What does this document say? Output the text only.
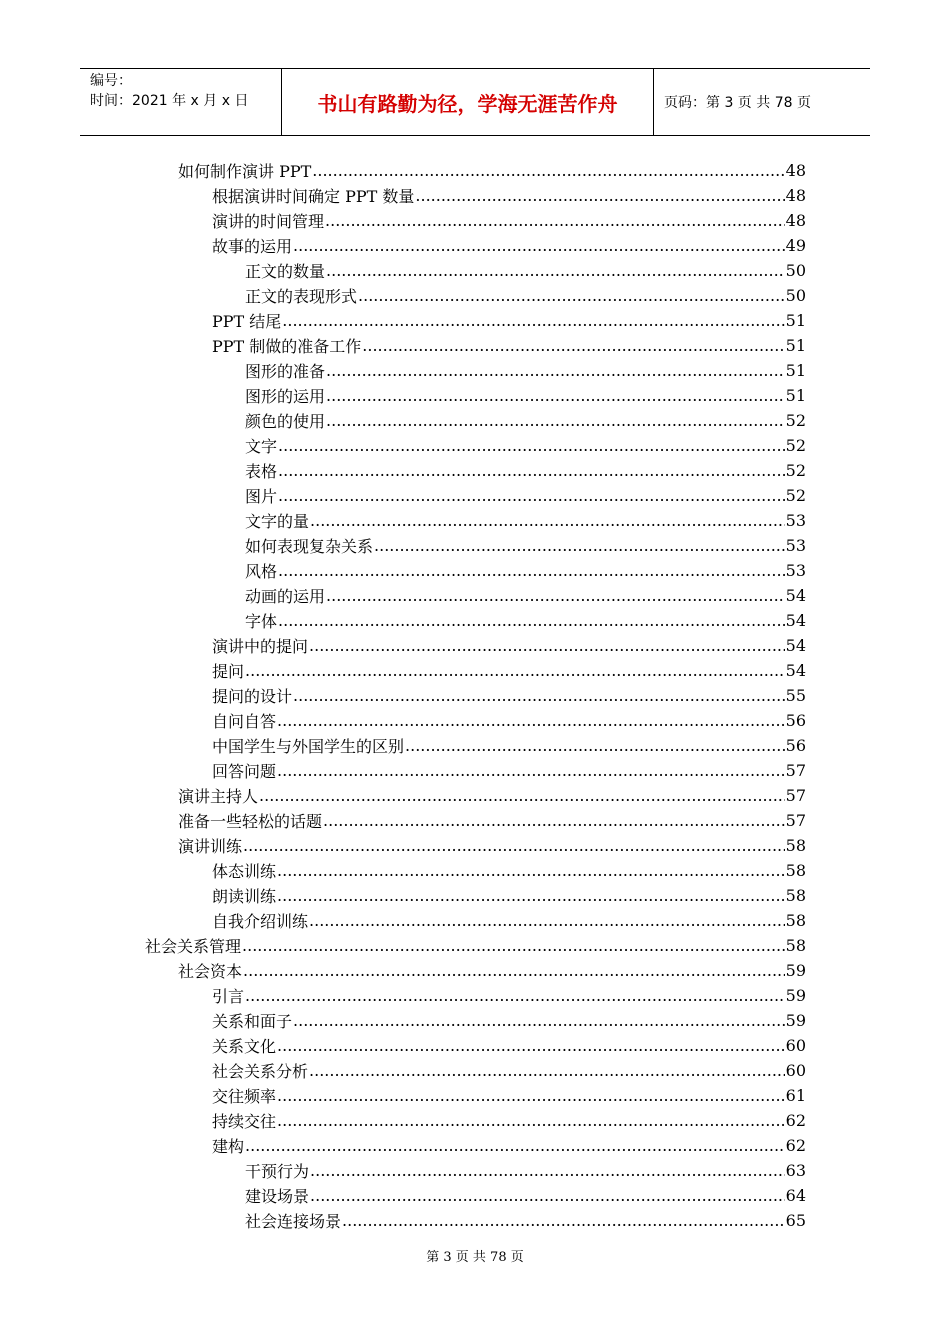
编号：
时间：2021 年 x 月 x 日	书山有路勤为径，学海无涯苦作舟	页码：第 3 页 共 78 页
如何制作演讲 PPT .....	48
根据演讲时间确定 PPT 数量 .....	48
演讲的时间管理 .....	48
故事的运用 .....	49
正文的数量 .....	50
正文的表现形式 .....	50
PPT 结尾 .....	51
PPT 制做的准备工作 .....	51
图形的准备 .....	51
图形的运用 .....	51
颜色的使用 .....	52
文字 .....	52
表格 .....	52
图片 .....	52
文字的量 .....	53
如何表现复杂关系 .....	53
风格 .....	53
动画的运用 .....	54
字体 .....	54
演讲中的提问 .....	54
提问 .....	54
提问的设计 .....	55
自问自答 .....	56
中国学生与外国学生的区别 .....	56
回答问题 .....	57
演讲主持人 .....	57
准备一些轻松的话题 .....	57
演讲训练 .....	58
体态训练 .....	58
朗读训练 .....	58
自我介绍训练 .....	58
社会关系管理 .....	58
社会资本 .....	59
引言 .....	59
关系和面子 .....	59
关系文化 .....	60
社会关系分析 .....	60
交往频率 .....	61
持续交往 .....	62
建构 .....	62
干预行为 .....	63
建设场景 .....	64
社会连接场景 .....	65
第 3 页 共 78 页
